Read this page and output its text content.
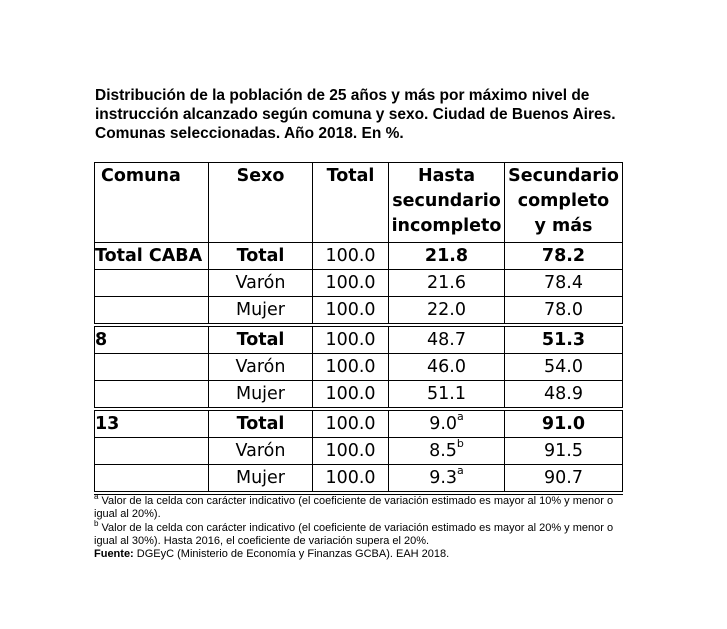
Distribución de la población de 25 años y más por máximo nivel de instrucción alcanzado según comuna y sexo. Ciudad de Buenos Aires. Comunas seleccionadas. Año 2018. En %.
Comuna	Sexo	Total	Hasta
secundario
incompleto	Secundario
completo
y más
Total CABA	Total	100.0	21.8	78.2
	Varón	100.0	21.6	78.4
	Mujer	100.0	22.0	78.0
8	Total	100.0	48.7	51.3
	Varón	100.0	46.0	54.0
	Mujer	100.0	51.1	48.9
13	Total	100.0	9.0$^a$	91.0
	Varón	100.0	8.5$^b$	91.5
	Mujer	100.0	9.3$^a$	90.7

$^a$ Valor de la celda con carácter indicativo (el coeficiente de variación estimado es mayor al 10% y menor o igual al 20%).

$^b$ Valor de la celda con carácter indicativo (el coeficiente de variación estimado es mayor al 20% y menor o igual al 30%). Hasta 2016, el coeficiente de variación supera el 20%.

Fuente: DGEyC (Ministerio de Economía y Finanzas GCBA). EAH 2018.
